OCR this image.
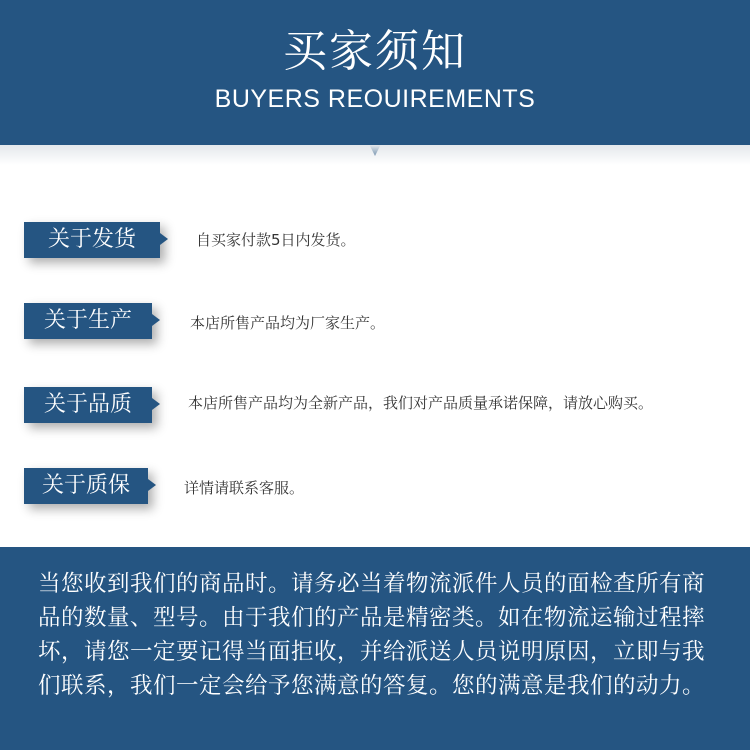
买家须知
BUYERS REOUIREMENTS
关于发货	自买家付款5日内发货。
关于生产	本店所售产品均为厂家生产。
关于品质	本店所售产品均为全新产品，我们对产品质量承诺保障，请放心购买。
关于质保	详情请联系客服。
当您收到我们的商品时。请务必当着物流派件人员的面检查所有商品的数量、型号。由于我们的产品是精密类。如在物流运输过程摔坏，请您一定要记得当面拒收，并给派送人员说明原因，立即与我们联系，我们一定会给予您满意的答复。您的满意是我们的动力。
